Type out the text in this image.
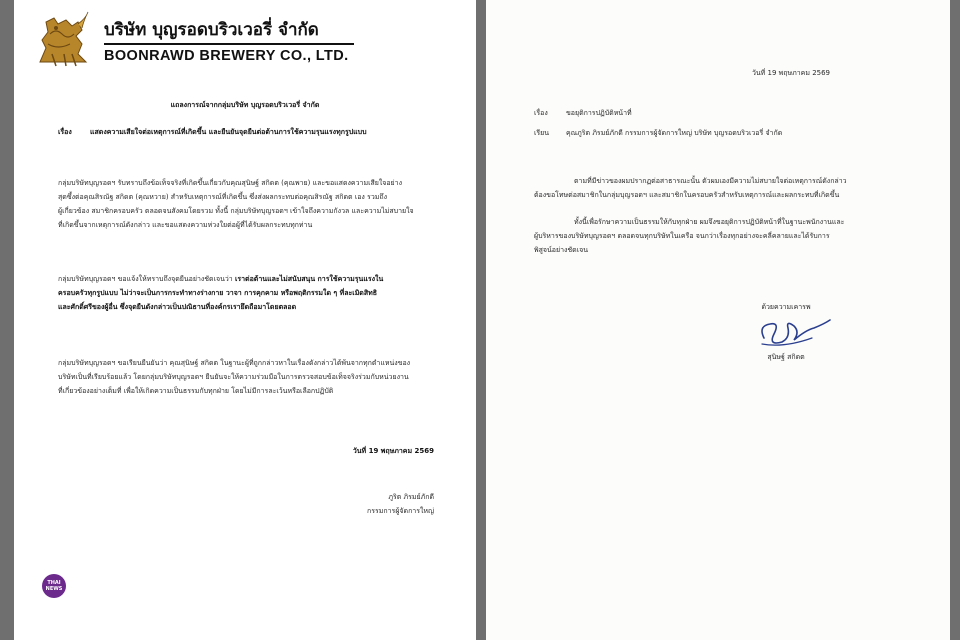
บริษัท บุญรอดบริวเวอรี่ จำกัด
BOONRAWD BREWERY CO., LTD.
แถลงการณ์จากกลุ่มบริษัท บุญรอดบริวเวอรี่ จำกัด
เรื่อง	แสดงความเสียใจต่อเหตุการณ์ที่เกิดขึ้น และยืนยันจุดยืนต่อต้านการใช้ความรุนแรงทุกรูปแบบ
กลุ่มบริษัทบุญรอดฯ รับทราบถึงข้อเท็จจริงที่เกิดขึ้นเกี่ยวกับคุณสุนิษฐ์ สกิดต (คุณพาย) และขอแสดงความเสียใจอย่าง
สุดซึ้งต่อคุณสิรณัฐ สกิดต (คุณหวาย) สำหรับเหตุการณ์ที่เกิดขึ้น ซึ่งส่งผลกระทบต่อคุณสิรณัฐ สกิดต เอง รวมถึง
ผู้เกี่ยวข้อง สมาชิกครอบครัว ตลอดจนสังคมโดยรวม ทั้งนี้ กลุ่มบริษัทบุญรอดฯ เข้าใจถึงความกังวล และความไม่สบายใจ
ที่เกิดขึ้นจากเหตุการณ์ดังกล่าว และขอแสดงความห่วงใยต่อผู้ที่ได้รับผลกระทบทุกท่าน
กลุ่มบริษัทบุญรอดฯ ขอแจ้งให้ทราบถึงจุดยืนอย่างชัดเจนว่า เราต่อต้านและไม่สนับสนุน การใช้ความรุนแรงใน
ครอบครัวทุกรูปแบบ ไม่ว่าจะเป็นการกระทำทางร่างกาย วาจา การคุกคาม หรือพฤติกรรมใด ๆ ที่ละเมิดสิทธิ
และศักดิ์ศรีของผู้อื่น ซึ่งจุดยืนดังกล่าวเป็นปณิธานที่องค์กรเรายึดถือมาโดยตลอด
กลุ่มบริษัทบุญรอดฯ ขอเรียนยืนยันว่า คุณสุนิษฐ์ สกิดต ในฐานะผู้ที่ถูกกล่าวหาในเรื่องดังกล่าวได้พ้นจากทุกตำแหน่งของ
บริษัทเป็นที่เรียบร้อยแล้ว โดยกลุ่มบริษัทบุญรอดฯ ยืนยันจะให้ความร่วมมือในการตรวจสอบข้อเท็จจริงร่วมกับหน่วยงาน
ที่เกี่ยวข้องอย่างเต็มที่ เพื่อให้เกิดความเป็นธรรมกับทุกฝ่าย โดยไม่มีการละเว้นหรือเลือกปฏิบัติ
วันที่ 19 พฤษภาคม 2569
ภูริต ภิรมย์ภักดี
กรรมการผู้จัดการใหญ่
THAI
NEWS
วันที่ 19 พฤษภาคม 2569
เรื่อง	ขอยุติการปฏิบัติหน้าที่
เรียน คุณภูริต ภิรมย์ภักดี กรรมการผู้จัดการใหญ่ บริษัท บุญรอดบริวเวอรี่ จำกัด
ตามที่มีข่าวของผมปรากฏต่อสาธารณะนั้น ตัวผมเองมีความไม่สบายใจต่อเหตุการณ์ดังกล่าว
ต้องขอโทษต่อสมาชิกในกลุ่มบุญรอดฯ และสมาชิกในครอบครัวสำหรับเหตุการณ์และผลกระทบที่เกิดขึ้น
ทั้งนี้เพื่อรักษาความเป็นธรรมให้กับทุกฝ่าย ผมจึงขอยุติการปฏิบัติหน้าที่ในฐานะพนักงานและ
ผู้บริหารของบริษัทบุญรอดฯ ตลอดจนทุกบริษัทในเครือ จนกว่าเรื่องทุกอย่างจะคลี่คลายและได้รับการ
พิสูจน์อย่างชัดเจน
ด้วยความเคารพ
สุนิษฐ์ สกิดต
